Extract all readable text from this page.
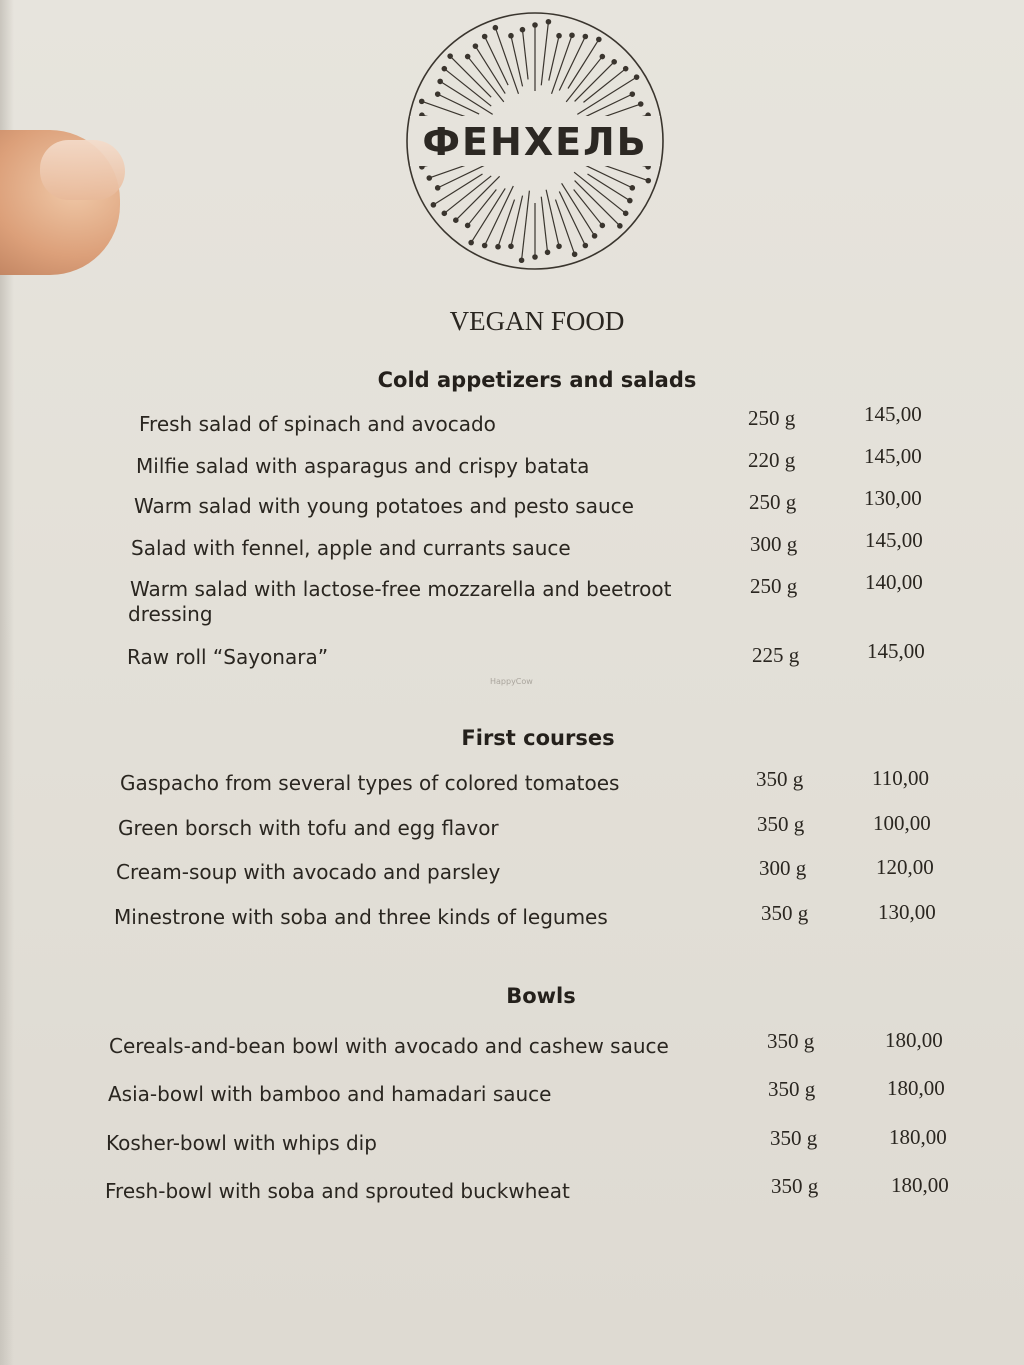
ФЕНХЕЛЬ
VEGAN FOOD
Cold appetizers and salads
Fresh salad of spinach and avocado	250 g	145,00
Milfie salad with asparagus and crispy batata	220 g	145,00
Warm salad with young potatoes and pesto sauce	250 g	130,00
Salad with fennel, apple and currants sauce	300 g	145,00
Warm salad with lactose-free mozzarella and beetroot
dressing
250 g	140,00
Raw roll “Sayonara”	225 g	145,00
HappyCow
First courses
Gaspacho from several types of colored tomatoes	350 g	110,00
Green borsch with tofu and egg flavor	350 g	100,00
Cream-soup with avocado and parsley	300 g	120,00
Minestrone with soba and three kinds of legumes	350 g	130,00
Bowls
Cereals-and-bean bowl with avocado and cashew sauce	350 g	180,00
Asia-bowl with bamboo and hamadari sauce	350 g	180,00
Kosher-bowl with whips dip	350 g	180,00
Fresh-bowl with soba and sprouted buckwheat	350 g	180,00
